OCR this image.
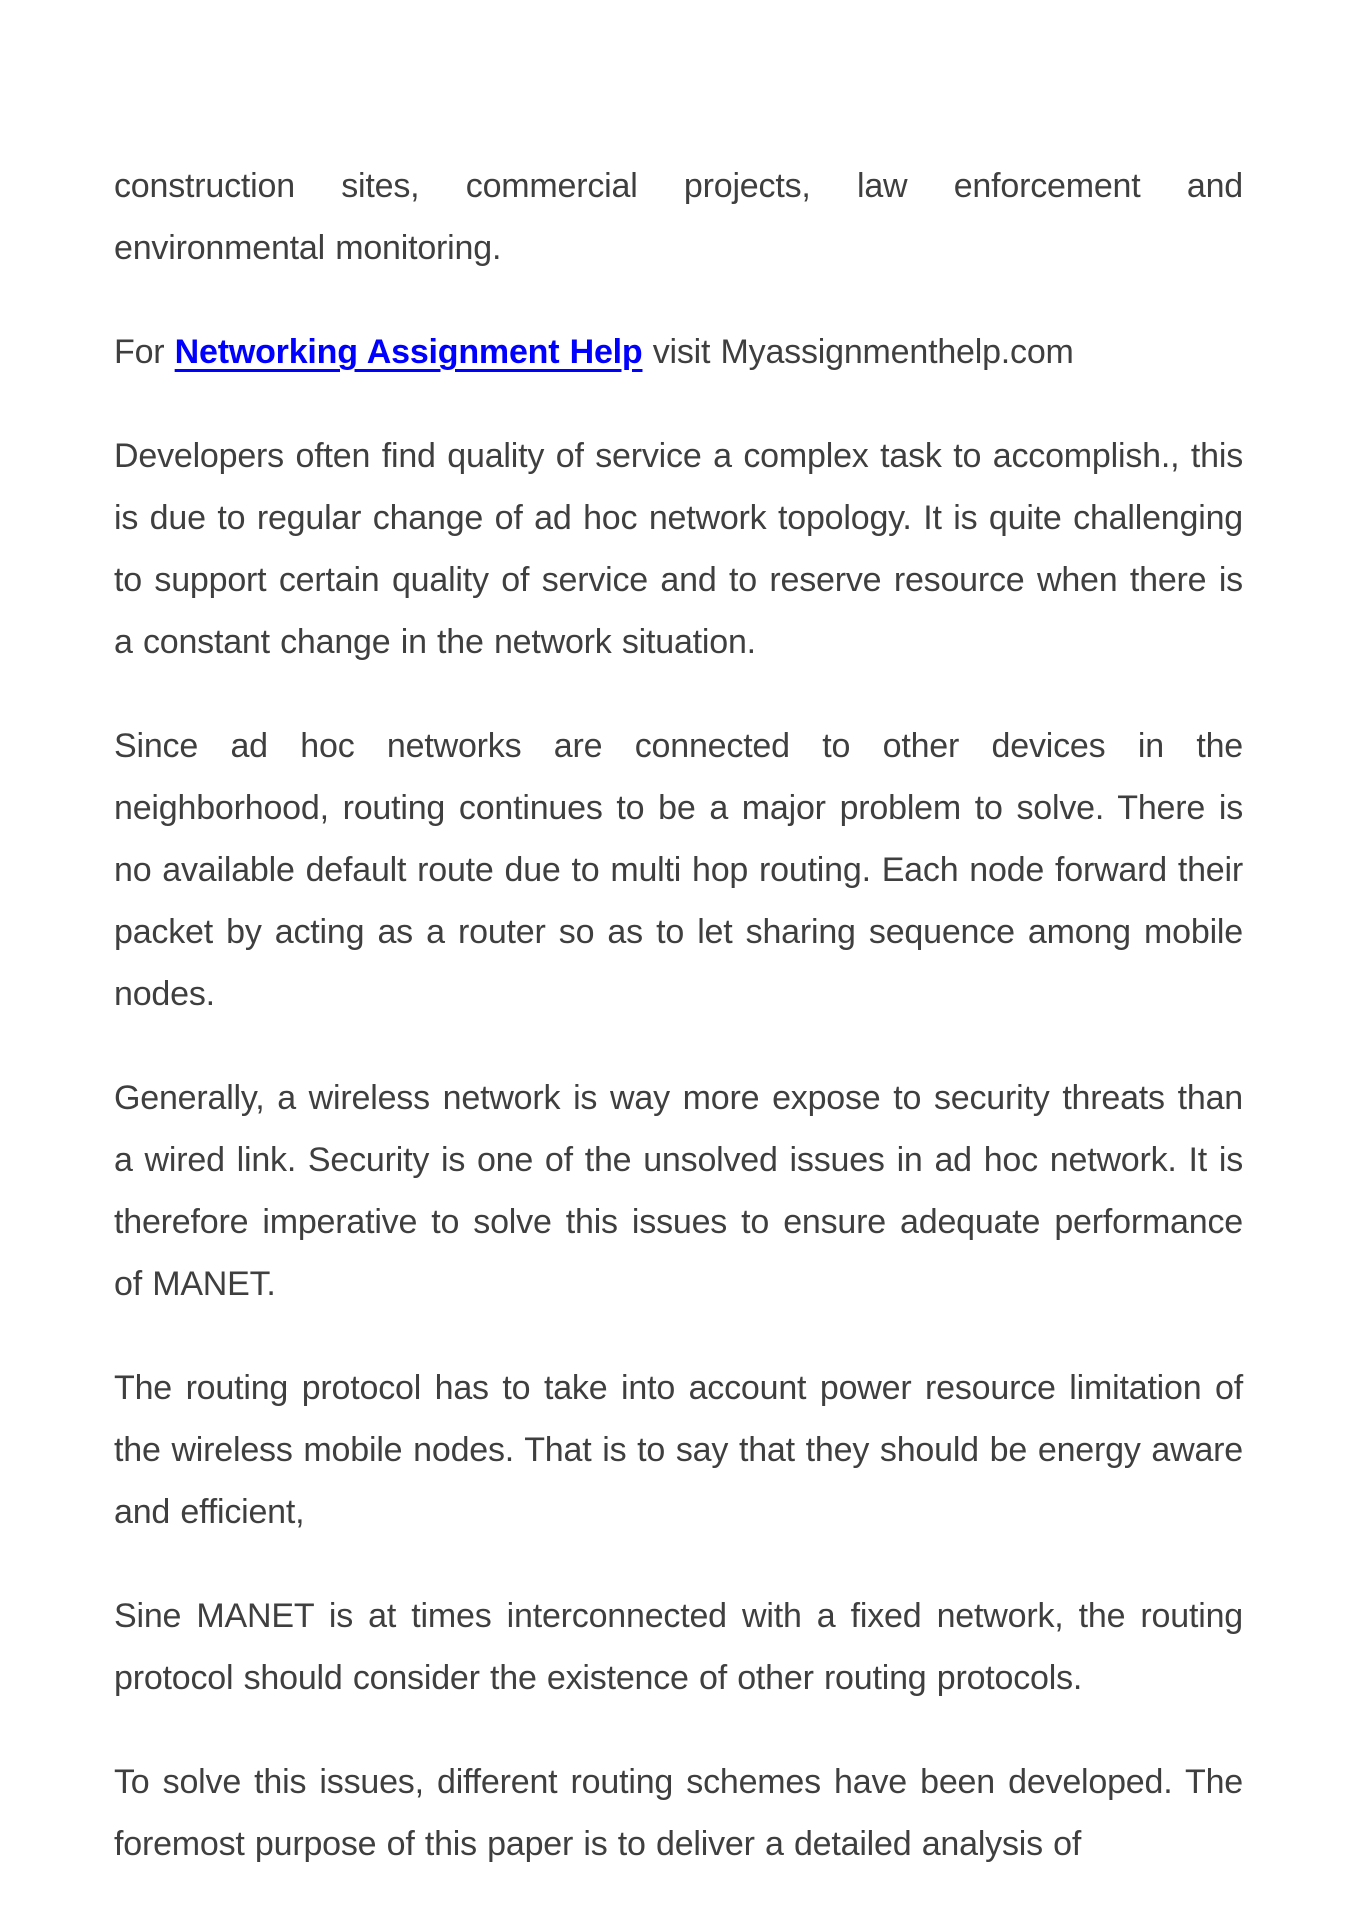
construction sites, commercial projects, law enforcement and environmental monitoring.

For Networking Assignment Help visit Myassignmenthelp.com

Developers often find quality of service a complex task to accomplish., this is due to regular change of ad hoc network topology. It is quite challenging to support certain quality of service and to reserve resource when there is a constant change in the network situation.

Since ad hoc networks are connected to other devices in the neighborhood, routing continues to be a major problem to solve. There is no available default route due to multi hop routing. Each node forward their packet by acting as a router so as to let sharing sequence among mobile nodes.

Generally, a wireless network is way more expose to security threats than a wired link. Security is one of the unsolved issues in ad hoc network. It is therefore imperative to solve this issues to ensure adequate performance of MANET.

The routing protocol has to take into account power resource limitation of the wireless mobile nodes. That is to say that they should be energy aware and efficient,

Sine MANET is at times interconnected with a fixed network, the routing protocol should consider the existence of other routing protocols.

To solve this issues, different routing schemes have been developed. The foremost purpose of this paper is to deliver a detailed analysis of
